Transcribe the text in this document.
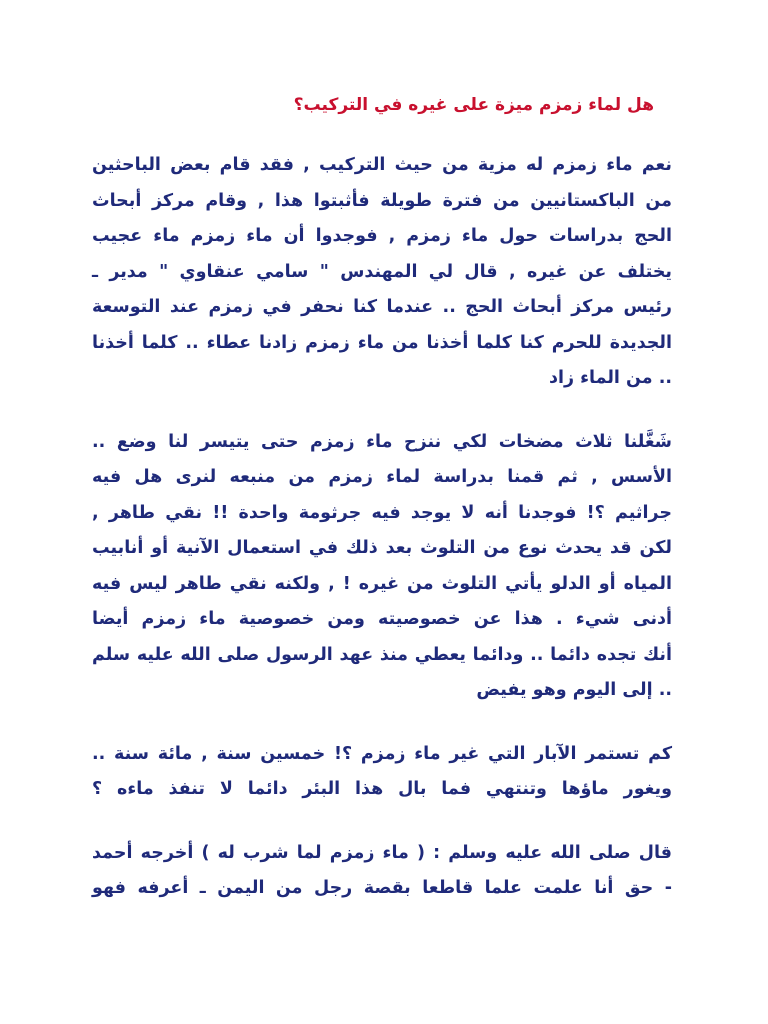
هل لماء زمزم ميزة على غيره في التركيب؟
نعم ماء زمزم له مزية من حيث التركيب , فقد قام بعض الباحثين
من الباكستانيين من فترة طويلة فأثبتوا هذا , وقام مركز أبحاث
الحج بدراسات حول ماء زمزم , فوجدوا أن ماء زمزم ماء عجيب
يختلف عن غيره , قال لي المهندس " سامي عنقاوي " مدير ـ
رئيس مركز أبحاث الحج .. عندما كنا نحفر في زمزم عند التوسعة
الجديدة للحرم كنا كلما أخذنا من ماء زمزم زادنا عطاء .. كلما أخذنا
.. من الماء زاد
شَغَّلنا ثلاث مضخات لكي ننزح ماء زمزم حتى يتيسر لنا وضع ..
الأسس , ثم قمنا بدراسة لماء زمزم من منبعه لنرى هل فيه
جراثيم ؟! فوجدنا أنه لا يوجد فيه جرثومة واحدة !! نقي طاهر ,
لكن قد يحدث نوع من التلوث بعد ذلك في استعمال الآنية أو أنابيب
المياه أو الدلو يأتي التلوث من غيره ! , ولكنه نقي طاهر ليس فيه
أدنى شيء . هذا عن خصوصيته ومن خصوصية ماء زمزم أيضا
أنك تجده دائما .. ودائما يعطي منذ عهد الرسول صلى الله عليه سلم
.. إلى اليوم وهو يفيض
كم تستمر الآبار التي غير ماء زمزم ؟! خمسين سنة , مائة سنة ..
ويغور ماؤها وتنتهي فما بال هذا البئر دائما لا تنفذ ماءه ؟
قال صلى الله عليه وسلم : ( ماء زمزم لما شرب له ) أخرجه أحمد
- حق أنا علمت علما قاطعا بقصة رجل من اليمن ـ أعرفه فهو
